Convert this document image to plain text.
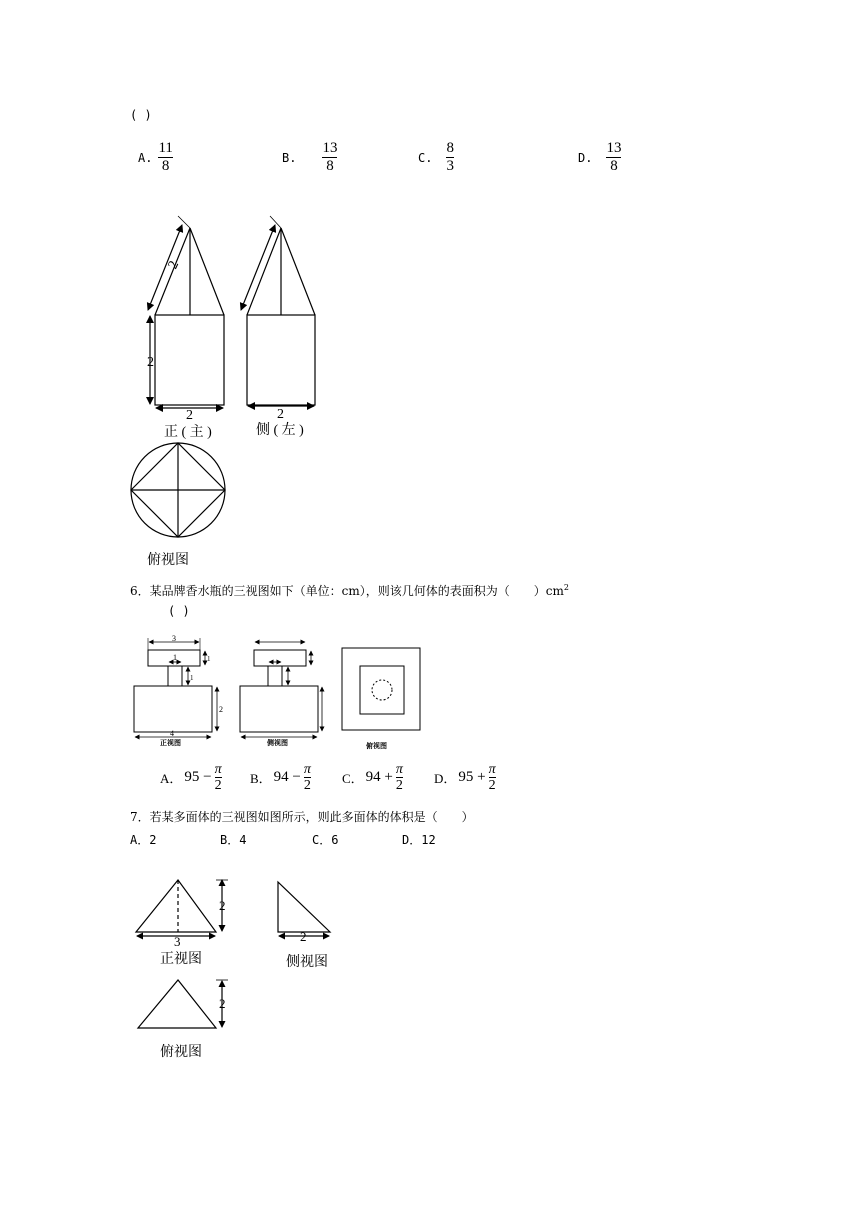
( )
A. $\frac{11}{8}$	B. $\frac{13}{8}$	C. $\frac{8}{3}$	D. $\frac{13}{8}$
2
2
2
正 ( 主 )
2
侧 ( 左 )
俯视图
6．某品牌香水瓶的三视图如下（单位：cm），则该几何体的表面积为（　　）$cm^2$
( )
3
1	1
1
2
4
正视图	侧视图	俯视图
A． $95 - \frac{\pi}{2}$ B． $94 - \frac{\pi}{2}$ C． $94 + \frac{\pi}{2}$ D． $95 + \frac{\pi}{2}$
7．若某多面体的三视图如图所示，则此多面体的体积是（　　）
A．2	B．4	C．6	D．12
2
3
正视图
2
侧视图
2
俯视图
